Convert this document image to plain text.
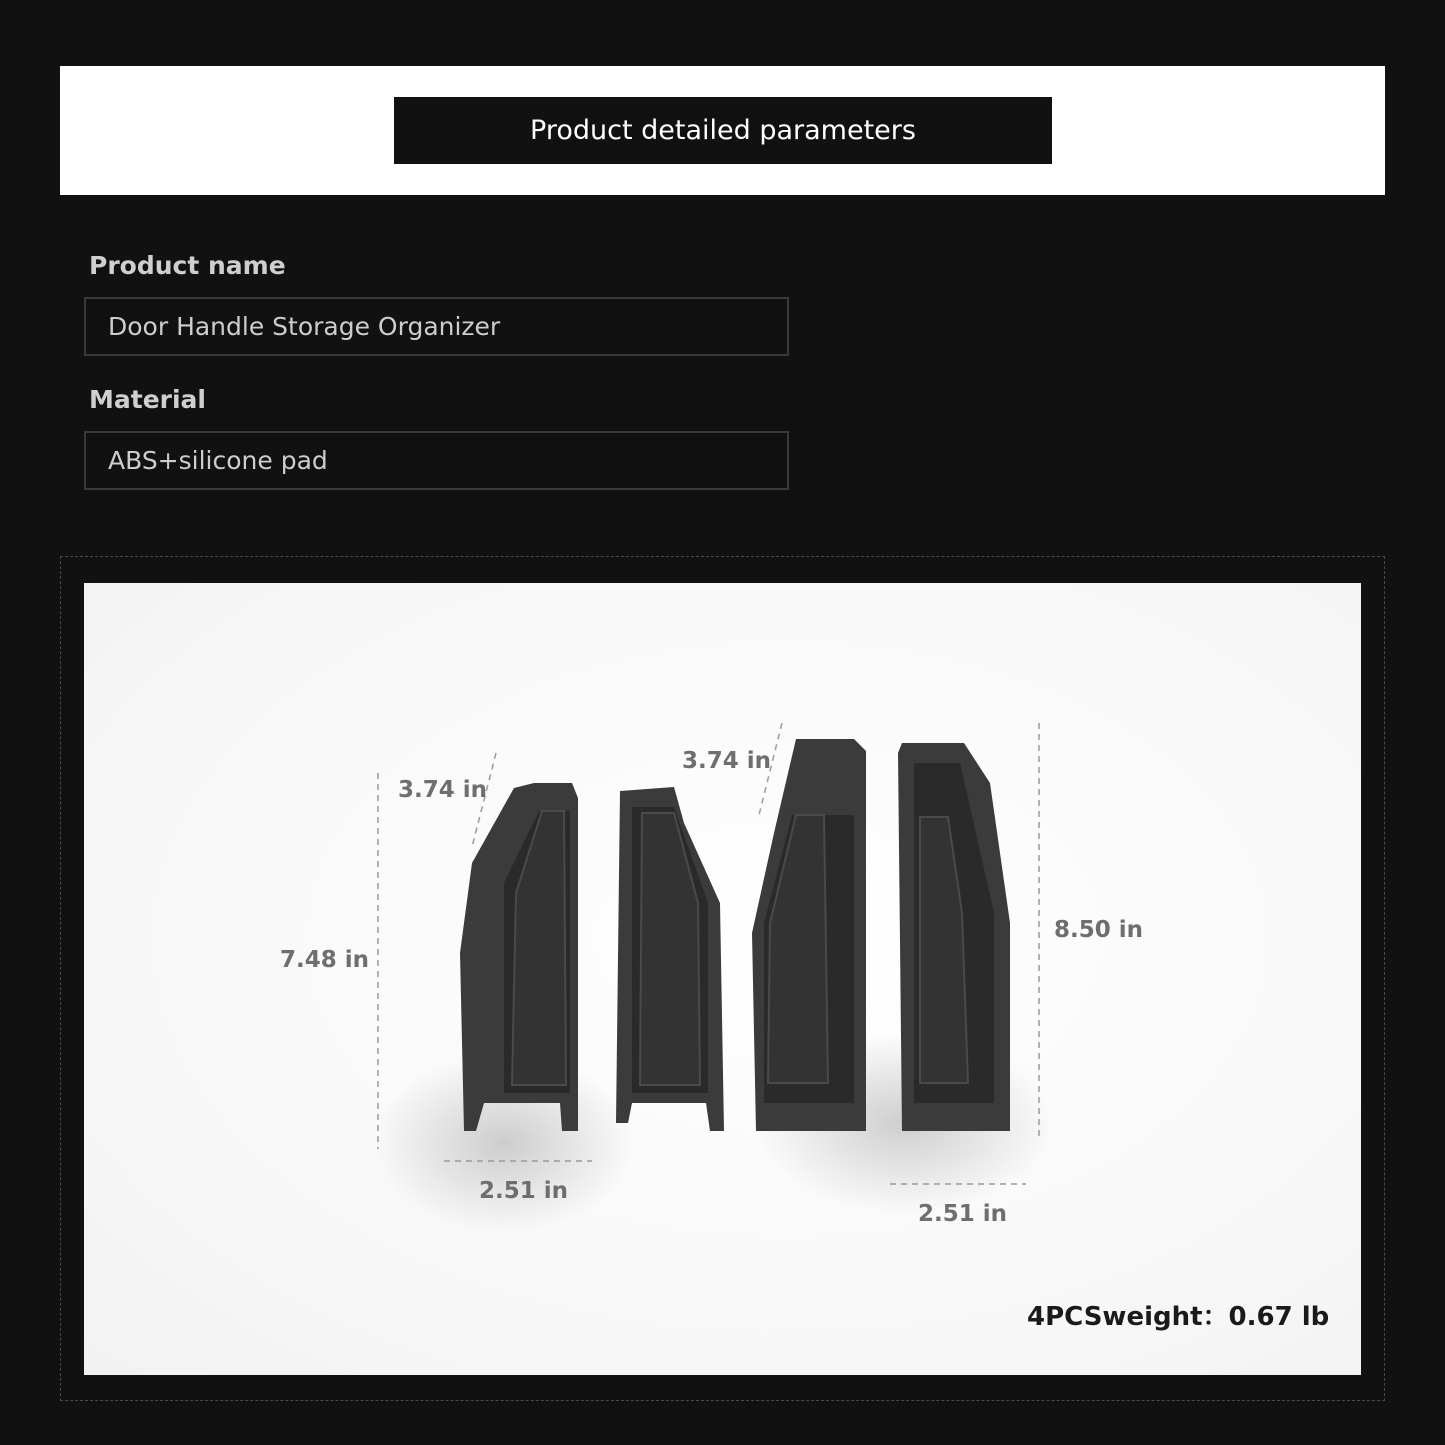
Product detailed parameters
Product name
Door Handle Storage Organizer
Material
ABS+silicone pad
3.74 in
7.48 in
2.51 in
3.74 in
8.50 in
2.51 in
4PCSweight：0.67 lb
